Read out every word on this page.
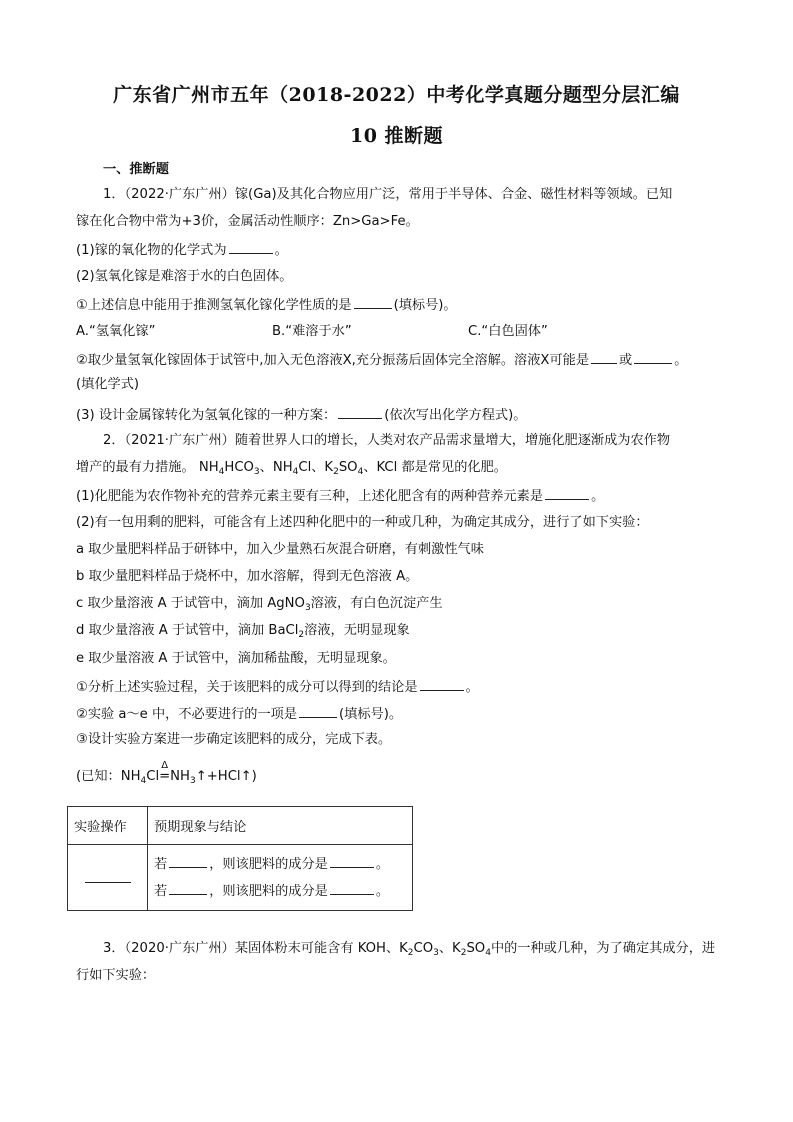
广东省广州市五年（2018-2022）中考化学真题分题型分层汇编
10 推断题
一、推断题
1．（2022·广东广州）镓(Ga)及其化合物应用广泛，常用于半导体、合金、磁性材料等领域。已知
镓在化合物中常为+3价，金属活动性顺序：Zn>Ga>Fe。
(1)镓的氧化物的化学式为	。
(2)氢氧化镓是难溶于水的白色固体。
①上述信息中能用于推测氢氧化镓化学性质的是	(填标号)。
A.“氢氧化镓”	B.“难溶于水”	C.“白色固体”
②取少量氢氧化镓固体于试管中,加入无色溶液X,充分振荡后固体完全溶解。溶液X可能是 或	。
(填化学式)
(3) 设计金属镓转化为氢氧化镓的一种方案：	(依次写出化学方程式)。
2．（2021·广东广州）随着世界人口的增长，人类对农产品需求量增大，增施化肥逐渐成为农作物
增产的最有力措施。 $NH_4HCO_3$、$NH_4Cl$、$K_2SO_4$、KCl 都是常见的化肥。
(1)化肥能为农作物补充的营养元素主要有三种，上述化肥含有的两种营养元素是	。
(2)有一包用剩的肥料，可能含有上述四种化肥中的一种或几种，为确定其成分，进行了如下实验：
a 取少量肥料样品于研钵中，加入少量熟石灰混合研磨，有刺激性气味
b 取少量肥料样品于烧杯中，加水溶解，得到无色溶液 A。
c 取少量溶液 A 于试管中，滴加 AgNO$_3$溶液，有白色沉淀产生
d 取少量溶液 A 于试管中，滴加 BaCl$_2$溶液，无明显现象
e 取少量溶液 A 于试管中，滴加稀盐酸，无明显现象。
①分析上述实验过程，关于该肥料的成分可以得到的结论是	。
②实验 a～e 中，不必要进行的一项是	(填标号)。
③设计实验方案进一步确定该肥料的成分，完成下表。
(已知：$NH_4Cl$
Δ
$=NH_3↑+HCl↑$)
实验操作	预期现象与结论

	若 ，则该肥料的成分是 。
若 ，则该肥料的成分是 。
3．（2020·广东广州）某固体粉末可能含有 KOH、$K_2CO_3$、$K_2SO_4$中的一种或几种，为了确定其成分，进
行如下实验：
